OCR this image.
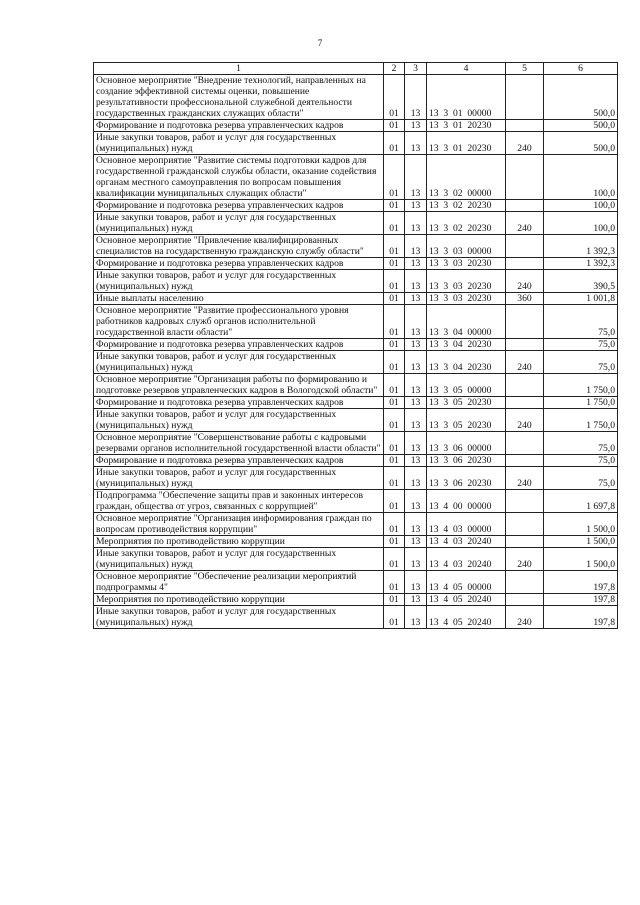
7
1	2	3	4	5	6
Основное мероприятие "Внедрение технологий, направленных на создание эффективной системы оценки, повышение результативности профессиональной служебной деятельности государственных гражданских служащих области"	01	13	13  3  01  00000		500,0
Формирование и подготовка резерва управленческих кадров	01	13	13  3  01  20230		500,0
Иные закупки товаров, работ и услуг для государственных (муниципальных) нужд	01	13	13  3  01  20230	240	500,0
Основное мероприятие "Развитие системы подготовки кадров для государственной гражданской службы области, оказание содействия органам местного самоуправления по вопросам повышения квалификации муниципальных служащих области"	01	13	13  3  02  00000		100,0
Формирование и подготовка резерва управленческих кадров	01	13	13  3  02  20230		100,0
Иные закупки товаров, работ и услуг для государственных (муниципальных) нужд	01	13	13  3  02  20230	240	100,0
Основное мероприятие "Привлечение квалифицированных специалистов на государственную гражданскую службу области"	01	13	13  3  03  00000		1 392,3
Формирование и подготовка резерва управленческих кадров	01	13	13  3  03  20230		1 392,3
Иные закупки товаров, работ и услуг для государственных (муниципальных) нужд	01	13	13  3  03  20230	240	390,5
Иные выплаты населению	01	13	13  3  03  20230	360	1 001,8
Основное мероприятие "Развитие профессионального уровня работников кадровых служб органов исполнительной государственной власти области"	01	13	13  3  04  00000		75,0
Формирование и подготовка резерва управленческих кадров	01	13	13  3  04  20230		75,0
Иные закупки товаров, работ и услуг для государственных (муниципальных) нужд	01	13	13  3  04  20230	240	75,0
Основное мероприятие "Организация работы по формированию и подготовке резервов управленческих кадров в Вологодской области"	01	13	13  3  05  00000		1 750,0
Формирование и подготовка резерва управленческих кадров	01	13	13  3  05  20230		1 750,0
Иные закупки товаров, работ и услуг для государственных (муниципальных) нужд	01	13	13  3  05  20230	240	1 750,0
Основное мероприятие "Совершенствование работы с кадровыми резервами органов исполнительной государственной власти области"	01	13	13  3  06  00000		75,0
Формирование и подготовка резерва управленческих кадров	01	13	13  3  06  20230		75,0
Иные закупки товаров, работ и услуг для государственных (муниципальных) нужд	01	13	13  3  06  20230	240	75,0
Подпрограмма "Обеспечение защиты прав и законных интересов граждан, общества от угроз, связанных с коррупцией"	01	13	13  4  00  00000		1 697,8
Основное мероприятие "Организация информирования граждан по вопросам противодействия коррупции"	01	13	13  4  03  00000		1 500,0
Мероприятия по противодействию коррупции	01	13	13  4  03  20240		1 500,0
Иные закупки товаров, работ и услуг для государственных (муниципальных) нужд	01	13	13  4  03  20240	240	1 500,0
Основное мероприятие "Обеспечение реализации мероприятий подпрограммы 4"	01	13	13  4  05  00000		197,8
Мероприятия по противодействию коррупции	01	13	13  4  05  20240		197,8
Иные закупки товаров, работ и услуг для государственных (муниципальных) нужд	01	13	13  4  05  20240	240	197,8
